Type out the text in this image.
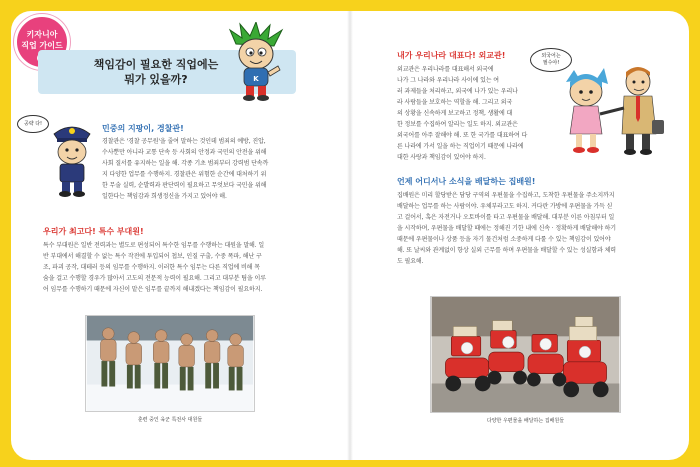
키자니아
직업 가이드
책임감이 필요한 직업에는
뭐가 있을까?	K
공략 다!	민중의 지팡이, 경찰관!
경찰관은 '경찰 공무원'을 줄여 말하는 것인데 범죄의 예방, 진압,
수사뿐만 아니라 교통 단속 등 사회의 안정과 국민의 안전을 위해
사회 질서를 유지하는 일을 해. 각종 기초 범죄부터 강력범 단속까
지 다양한 업무를 수행하지. 경찰관은 위험한 순간에 대처하기 위
한 무술 실력, 순발력과 판단력이 필요하고 무엇보다 국민을 위해
일한다는 책임감과 희생정신을 가지고 있어야 해.
우리가 최고다! 특수 부대원!
특수 부대원은 일반 전력과는 별도로 편성되어 특수한 임무를 수행하는 대원을 말해. 일
반 부대에서 해결할 수 없는 특수 작전에 투입되어 첩보, 인질 구출, 수중 폭파, 해난 구
조, 파괴 공작, 대테러 등의 임무를 수행하지. 이러한 특수 임무는 다른 직업에 비해 목
숨을 걸고 수행할 경우가 많아서 고도의 전문적 능력이 필요해. 그리고 대부분 팀을 이루
어 임무를 수행하기 때문에 자신이 맡은 임무를 끝까지 해내겠다는 책임감이 필요하지.
훈련 중인 육군 특전사 대원들
내가 우리나라 대표다! 외교관!
외교관은 우리나라를 대표해서 외국에
나가 그 나라와 우리나라 사이에 있는 여
러 과제들을 처리하고, 외국에 나가 있는 우리나
라 사람들을 보호하는 역할을 해. 그리고 외국
의 상황을 신속하게 보고하고 정책, 생활에 대
한 정보를 수집하여 알리는 일도 하지. 외교관은
외국어를 아주 잘해야 해. 또 한 국가를 대표하여 다
른 나라에 가서 일을 하는 직업이기 때문에 나라에
대한 사랑과 책임감이 있어야 하지.
외국어는
필수야!
언제 어디서나 소식을 배달하는 집배원!
집배원은 미리 할당받은 담당 구역의 우편물을 수집하고, 도착한 우편물을 주소지까지
배달하는 업무를 하는 사람이야. 우체부라고도 하지. 커다란 가방에 우편물을 가득 싣
고 걸어서, 혹은 자전거나 오토바이를 타고 우편물을 배달해. 대부분 이른 아침부터 일
을 시작하며, 우편물을 배달할 때에는 정해진 기한 내에 신속 · 정확하게 배달해야 하기
때문에 우편물이나 상품 등을 자기 물건처럼 소중하게 다룰 수 있는 책임감이 있어야
해. 또 날씨와 관계없이 항상 실외 근무를 하며 우편물을 배달할 수 있는 성실함과 체력
도 필요해.
다양한 우편물을 배달하는 집배원들
